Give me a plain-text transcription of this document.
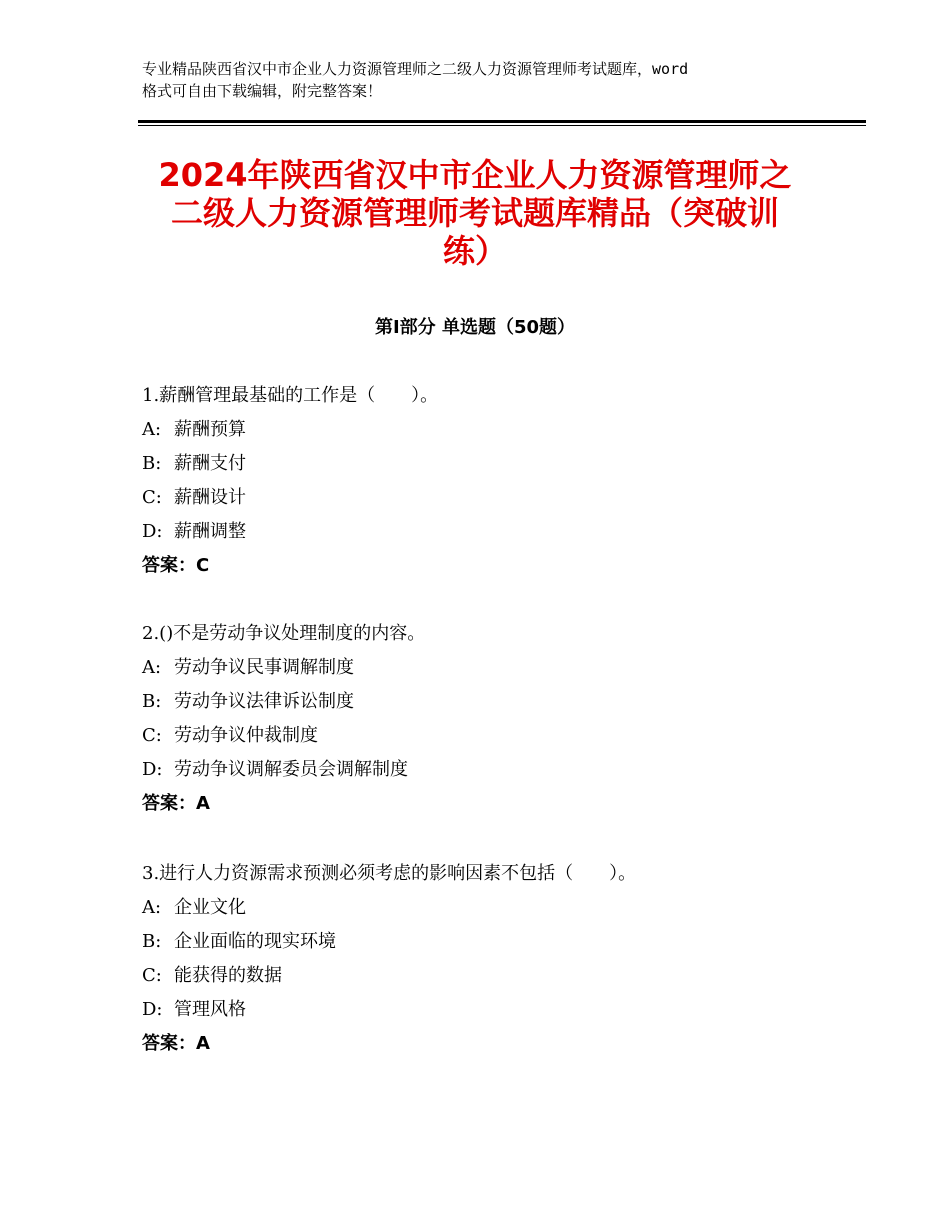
专业精品陕西省汉中市企业人力资源管理师之二级人力资源管理师考试题库，word
格式可自由下载编辑，附完整答案！
2024年陕西省汉中市企业人力资源管理师之
二级人力资源管理师考试题库精品（突破训
练）
第Ⅰ部分 单选题（50题）
1.薪酬管理最基础的工作是（　　）。
A: 薪酬预算
B: 薪酬支付
C: 薪酬设计
D: 薪酬调整
答案：C
2.()不是劳动争议处理制度的内容。
A: 劳动争议民事调解制度
B: 劳动争议法律诉讼制度
C: 劳动争议仲裁制度
D: 劳动争议调解委员会调解制度
答案：A
3.进行人力资源需求预测必须考虑的影响因素不包括（　　）。
A: 企业文化
B: 企业面临的现实环境
C: 能获得的数据
D: 管理风格
答案：A
